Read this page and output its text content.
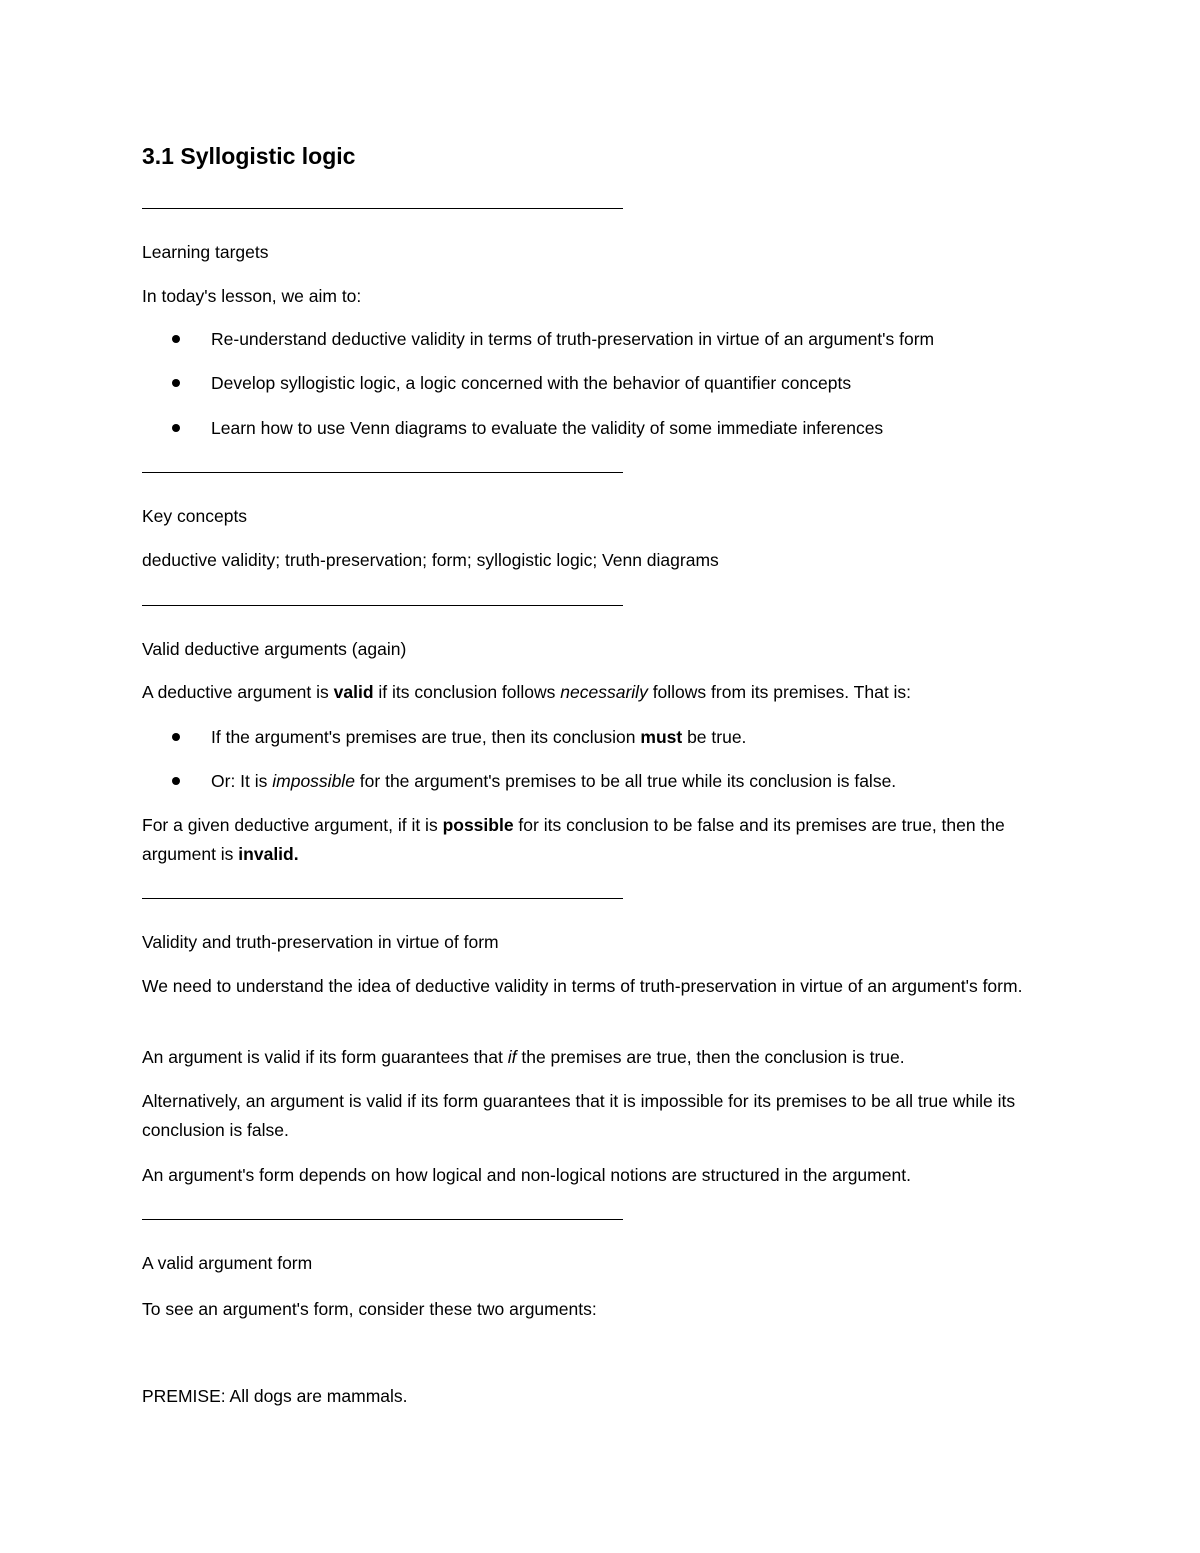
3.1 Syllogistic logic
Learning targets
In today's lesson, we aim to:
Re-understand deductive validity in terms of truth-preservation in virtue of an argument's form
Develop syllogistic logic, a logic concerned with the behavior of quantifier concepts
Learn how to use Venn diagrams to evaluate the validity of some immediate inferences
Key concepts
deductive validity; truth-preservation; form; syllogistic logic; Venn diagrams
Valid deductive arguments (again)
A deductive argument is valid if its conclusion follows necessarily follows from its premises. That is:
If the argument's premises are true, then its conclusion must be true.
Or: It is impossible for the argument's premises to be all true while its conclusion is false.
For a given deductive argument, if it is possible for its conclusion to be false and its premises are true, then the argument is invalid.
Validity and truth-preservation in virtue of form
We need to understand the idea of deductive validity in terms of truth-preservation in virtue of an argument's form.
An argument is valid if its form guarantees that if the premises are true, then the conclusion is true.
Alternatively, an argument is valid if its form guarantees that it is impossible for its premises to be all true while its conclusion is false.
An argument's form depends on how logical and non-logical notions are structured in the argument.
A valid argument form
To see an argument's form, consider these two arguments:
PREMISE: All dogs are mammals.
